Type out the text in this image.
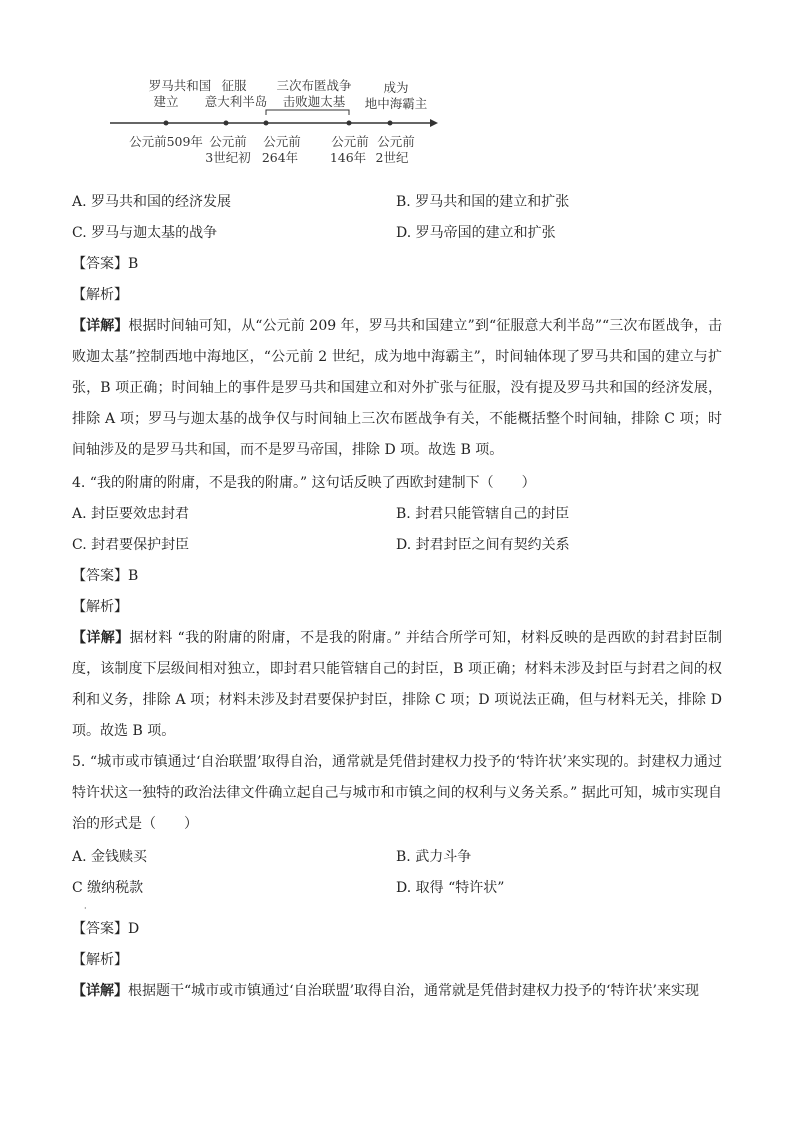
罗马共和国
建立
征服
意大利半岛
三次布匿战争
击败迦太基
成为
地中海霸主
公元前509年 公元前
3世纪初
公元前
264年
公元前
146年
公元前
2世纪
A. 罗马共和国的经济发展	B. 罗马共和国的建立和扩张
C. 罗马与迦太基的战争	D. 罗马帝国的建立和扩张
【答案】B
【解析】
【详解】根据时间轴可知，从“公元前 209 年，罗马共和国建立”到“征服意大利半岛”“三次布匿战争，击败迦太基”控制西地中海地区，“公元前 2 世纪，成为地中海霸主”，时间轴体现了罗马共和国的建立与扩张，B 项正确；时间轴上的事件是罗马共和国建立和对外扩张与征服，没有提及罗马共和国的经济发展，排除 A 项；罗马与迦太基的战争仅与时间轴上三次布匿战争有关，不能概括整个时间轴，排除 C 项；时间轴涉及的是罗马共和国，而不是罗马帝国，排除 D 项。故选 B 项。
4. “我的附庸的附庸，不是我的附庸。” 这句话反映了西欧封建制下（　　）
A. 封臣要效忠封君	B. 封君只能管辖自己的封臣
C. 封君要保护封臣	D. 封君封臣之间有契约关系
【答案】B
【解析】
【详解】据材料 “我的附庸的附庸，不是我的附庸。” 并结合所学可知，材料反映的是西欧的封君封臣制度，该制度下层级间相对独立，即封君只能管辖自己的封臣，B 项正确；材料未涉及封臣与封君之间的权利和义务，排除 A 项；材料未涉及封君要保护封臣，排除 C 项；D 项说法正确，但与材料无关，排除 D 项。故选 B 项。
5. “城市或市镇通过‘自治联盟’取得自治，通常就是凭借封建权力投予的‘特许状’来实现的。封建权力通过特许状这一独特的政治法律文件确立起自己与城市和市镇之间的权利与义务关系。” 据此可知，城市实现自治的形式是（　　）
A. 金钱赎买	B. 武力斗争
C 缴纳税款	D. 取得 “特许状”
·
【答案】D
【解析】
【详解】根据题干“城市或市镇通过‘自治联盟’取得自治，通常就是凭借封建权力投予的‘特许状’来实现
